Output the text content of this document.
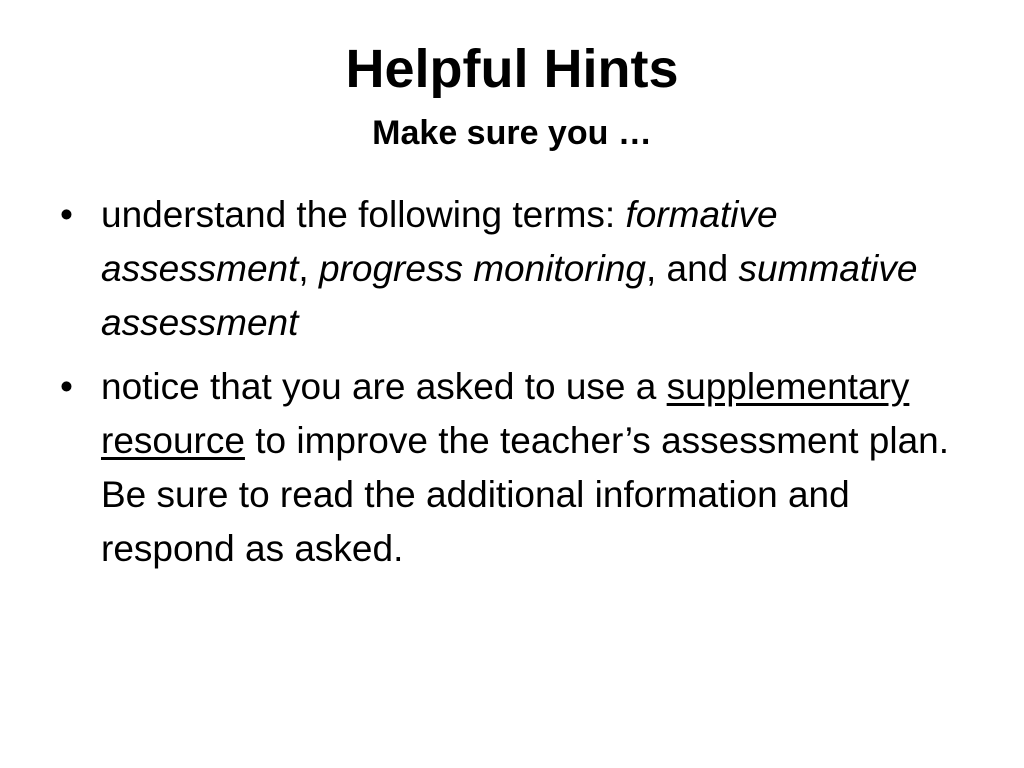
Helpful Hints
Make sure you …
• understand the following terms: formative assessment, progress monitoring, and summative assessment
• notice that you are asked to use a supplementary resource to improve the teacher’s assessment plan. Be sure to read the additional information and respond as asked.
